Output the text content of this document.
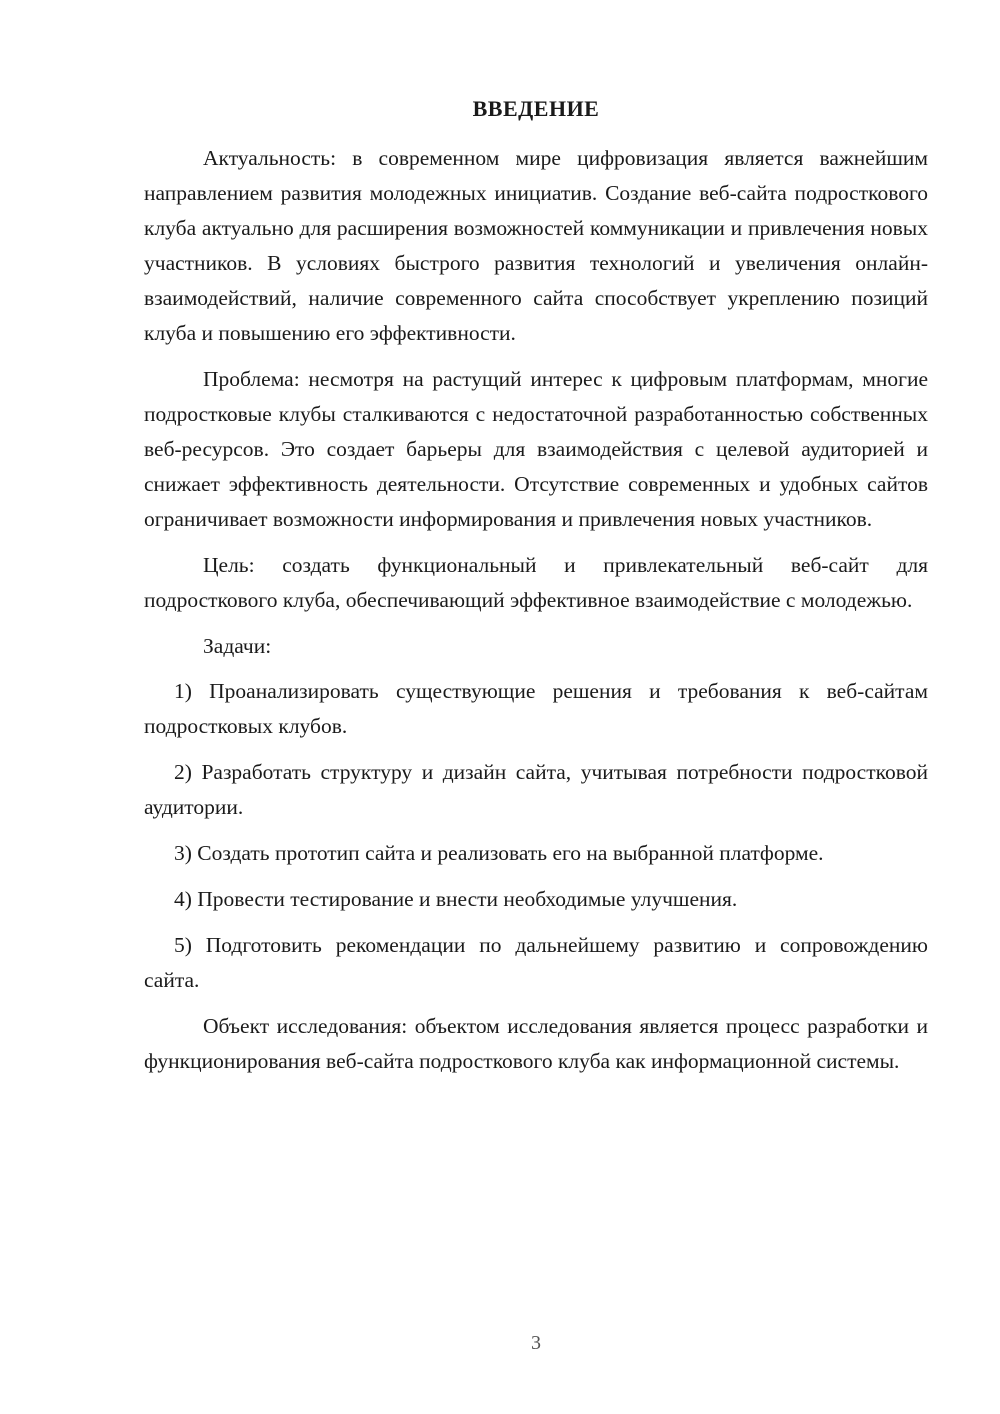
ВВЕДЕНИЕ

Актуальность: в современном мире цифровизация является важнейшим направлением развития молодежных инициатив. Создание веб-сайта подросткового клуба актуально для расширения возможностей коммуникации и привлечения новых участников. В условиях быстрого развития технологий и увеличения онлайн-взаимодействий, наличие современного сайта способствует укреплению позиций клуба и повышению его эффективности.

Проблема: несмотря на растущий интерес к цифровым платформам, многие подростковые клубы сталкиваются с недостаточной разработанностью собственных веб-ресурсов. Это создает барьеры для взаимодействия с целевой аудиторией и снижает эффективность деятельности. Отсутствие современных и удобных сайтов ограничивает возможности информирования и привлечения новых участников.

Цель: создать функциональный и привлекательный веб-сайт для подросткового клуба, обеспечивающий эффективное взаимодействие с молодежью.

Задачи:

1) Проанализировать существующие решения и требования к веб-сайтам подростковых клубов.

2) Разработать структуру и дизайн сайта, учитывая потребности подростковой аудитории.

3) Создать прототип сайта и реализовать его на выбранной платформе.

4) Провести тестирование и внести необходимые улучшения.

5) Подготовить рекомендации по дальнейшему развитию и сопровождению сайта.

Объект исследования: объектом исследования является процесс разработки и функционирования веб-сайта подросткового клуба как информационной системы.

3
